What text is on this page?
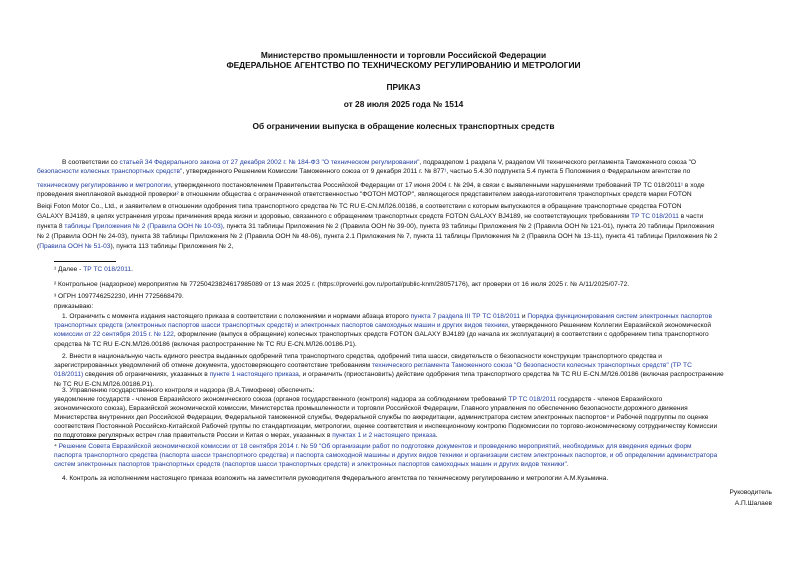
Министерство промышленности и торговли Российской Федерации
ФЕДЕРАЛЬНОЕ АГЕНТСТВО ПО ТЕХНИЧЕСКОМУ РЕГУЛИРОВАНИЮ И МЕТРОЛОГИИ
ПРИКАЗ
от 28 июля 2025 года № 1514
Об ограничении выпуска в обращение колесных транспортных средств
В соответствии со статьей 34 Федерального закона от 27 декабря 2002 г. № 184-ФЗ "О техническом регулировании", подразделом 1 раздела V, разделом VII технического регламента Таможенного союза "О
безопасности колесных транспортных средств", утвержденного Решением Комиссии Таможенного союза от 9 декабря 2011 г. № 877¹, частью 5.4.30 подпункта 5.4 пункта 5 Положения о Федеральном агентстве по
техническому регулированию и метрологии, утвержденного постановлением Правительства Российской Федерации от 17 июня 2004 г. № 294, в связи с выявленными нарушениями требований ТР ТС 018/2011¹ в ходе
проведения внеплановой выездной проверки² в отношении общества с ограниченной ответственностью "ФОТОН МОТОР", являющегося представителем завода-изготовителя транспортных средств марки FOTON
Beiqi Foton Motor Co., Ltd., и заявителем в отношении одобрения типа транспортного средства № ТС RU E-CN.МЛ26.00186, в соответствии с которым выпускаются в обращение транспортные средства FOTON
GALAXY BJ4189, в целях устранения угрозы причинения вреда жизни и здоровью, связанного с обращением транспортных средств FOTON GALAXY BJ4189, не соответствующих требованиям ТР ТС 018/2011 в части
пункта 8 таблицы Приложения № 2 (Правила ООН № 10-03), пункта 31 таблицы Приложения № 2 (Правила ООН № 39-00), пункта 93 таблицы Приложения № 2 (Правила ООН № 121-01), пункта 20 таблицы Приложения
№ 2 (Правила ООН № 24-03), пункта 38 таблицы Приложения № 2 (Правила ООН № 48-06), пункта 2.1 Приложения № 7, пункта 11 таблицы Приложения № 2 (Правила ООН № 13-11), пункта 41 таблицы Приложения № 2
(Правила ООН № 51-03), пункта 113 таблицы Приложения № 2,
¹ Далее - ТР ТС 018/2011.
² Контрольное (надзорное) мероприятие № 77250423824617985089 от 13 мая 2025 г. (https://proverki.gov.ru/portal/public-knm/28057176), акт проверки от 16 июля 2025 г. № А/11/2025/07-72.
³ ОГРН 1097746252230, ИНН 7725668479.
приказываю:
1. Ограничить с момента издания настоящего приказа в соответствии с положениями и нормами абзаца второго пункта 7 раздела III ТР ТС 018/2011 и Порядка функционирования систем электронных паспортов
транспортных средств (электронных паспортов шасси транспортных средств) и электронных паспортов самоходных машин и других видов техники, утвержденного Решением Коллегии Евразийской экономической
комиссии от 22 сентября 2015 г. № 122, оформление (выпуск в обращение) колесных транспортных средств FOTON GALAXY BJ4189 (до начала их эксплуатации) в соответствии с одобрением типа транспортного
средства № ТС RU E-CN.МЛ26.00186 (включая распространение № ТС RU E-CN.МЛ26.00186.Р1).
2. Внести в национальную часть единого реестра выданных одобрений типа транспортного средства, одобрений типа шасси, свидетельств о безопасности конструкции транспортного средства и
зарегистрированных уведомлений об отмене документа, удостоверяющего соответствие требованиям технического регламента Таможенного союза "О безопасности колесных транспортных средств" (ТР ТС
018/2011) сведения об ограничениях, указанных в пункте 1 настоящего приказа, и ограничить (приостановить) действие одобрения типа транспортного средства № ТС RU E-CN.МЛ26.00186 (включая распространение
№ ТС RU E-CN.МЛ26.00186.Р1).
3. Управлению государственного контроля и надзора (В.А.Тимофеев) обеспечить:
уведомление государств - членов Евразийского экономического союза (органов государственного (контроля) надзора за соблюдением требований ТР ТС 018/2011 государств - членов Евразийского
экономического союза), Евразийской экономической комиссии, Министерства промышленности и торговли Российской Федерации, Главного управления по обеспечению безопасности дорожного движения
Министерства внутренних дел Российской Федерации, Федеральной таможенной службы, Федеральной службы по аккредитации, администратора систем электронных паспортов⁴ и Рабочей подгруппы по оценке
соответствия Постоянной Российско-Китайской Рабочей группы по стандартизации, метрологии, оценке соответствия и инспекционному контролю Подкомиссии по торгово-экономическому сотрудничеству Комиссии
по подготовке регулярных встреч глав правительств России и Китая о мерах, указанных в пунктах 1 и 2 настоящего приказа.
⁴ Решение Совета Евразийской экономической комиссии от 18 сентября 2014 г. № 59 "Об организации работ по подготовке документов и проведению мероприятий, необходимых для введения единых форм
паспорта транспортного средства (паспорта шасси транспортного средства) и паспорта самоходной машины и других видов техники и организации систем электронных паспортов, и об определении администратора
систем электронных паспортов транспортных средств (паспортов шасси транспортных средств) и электронных паспортов самоходных машин и других видов техники".
4. Контроль за исполнением настоящего приказа возложить на заместителя руководителя Федерального агентства по техническому регулированию и метрологии А.М.Кузьмина.
Руководитель
А.П.Шалаев
